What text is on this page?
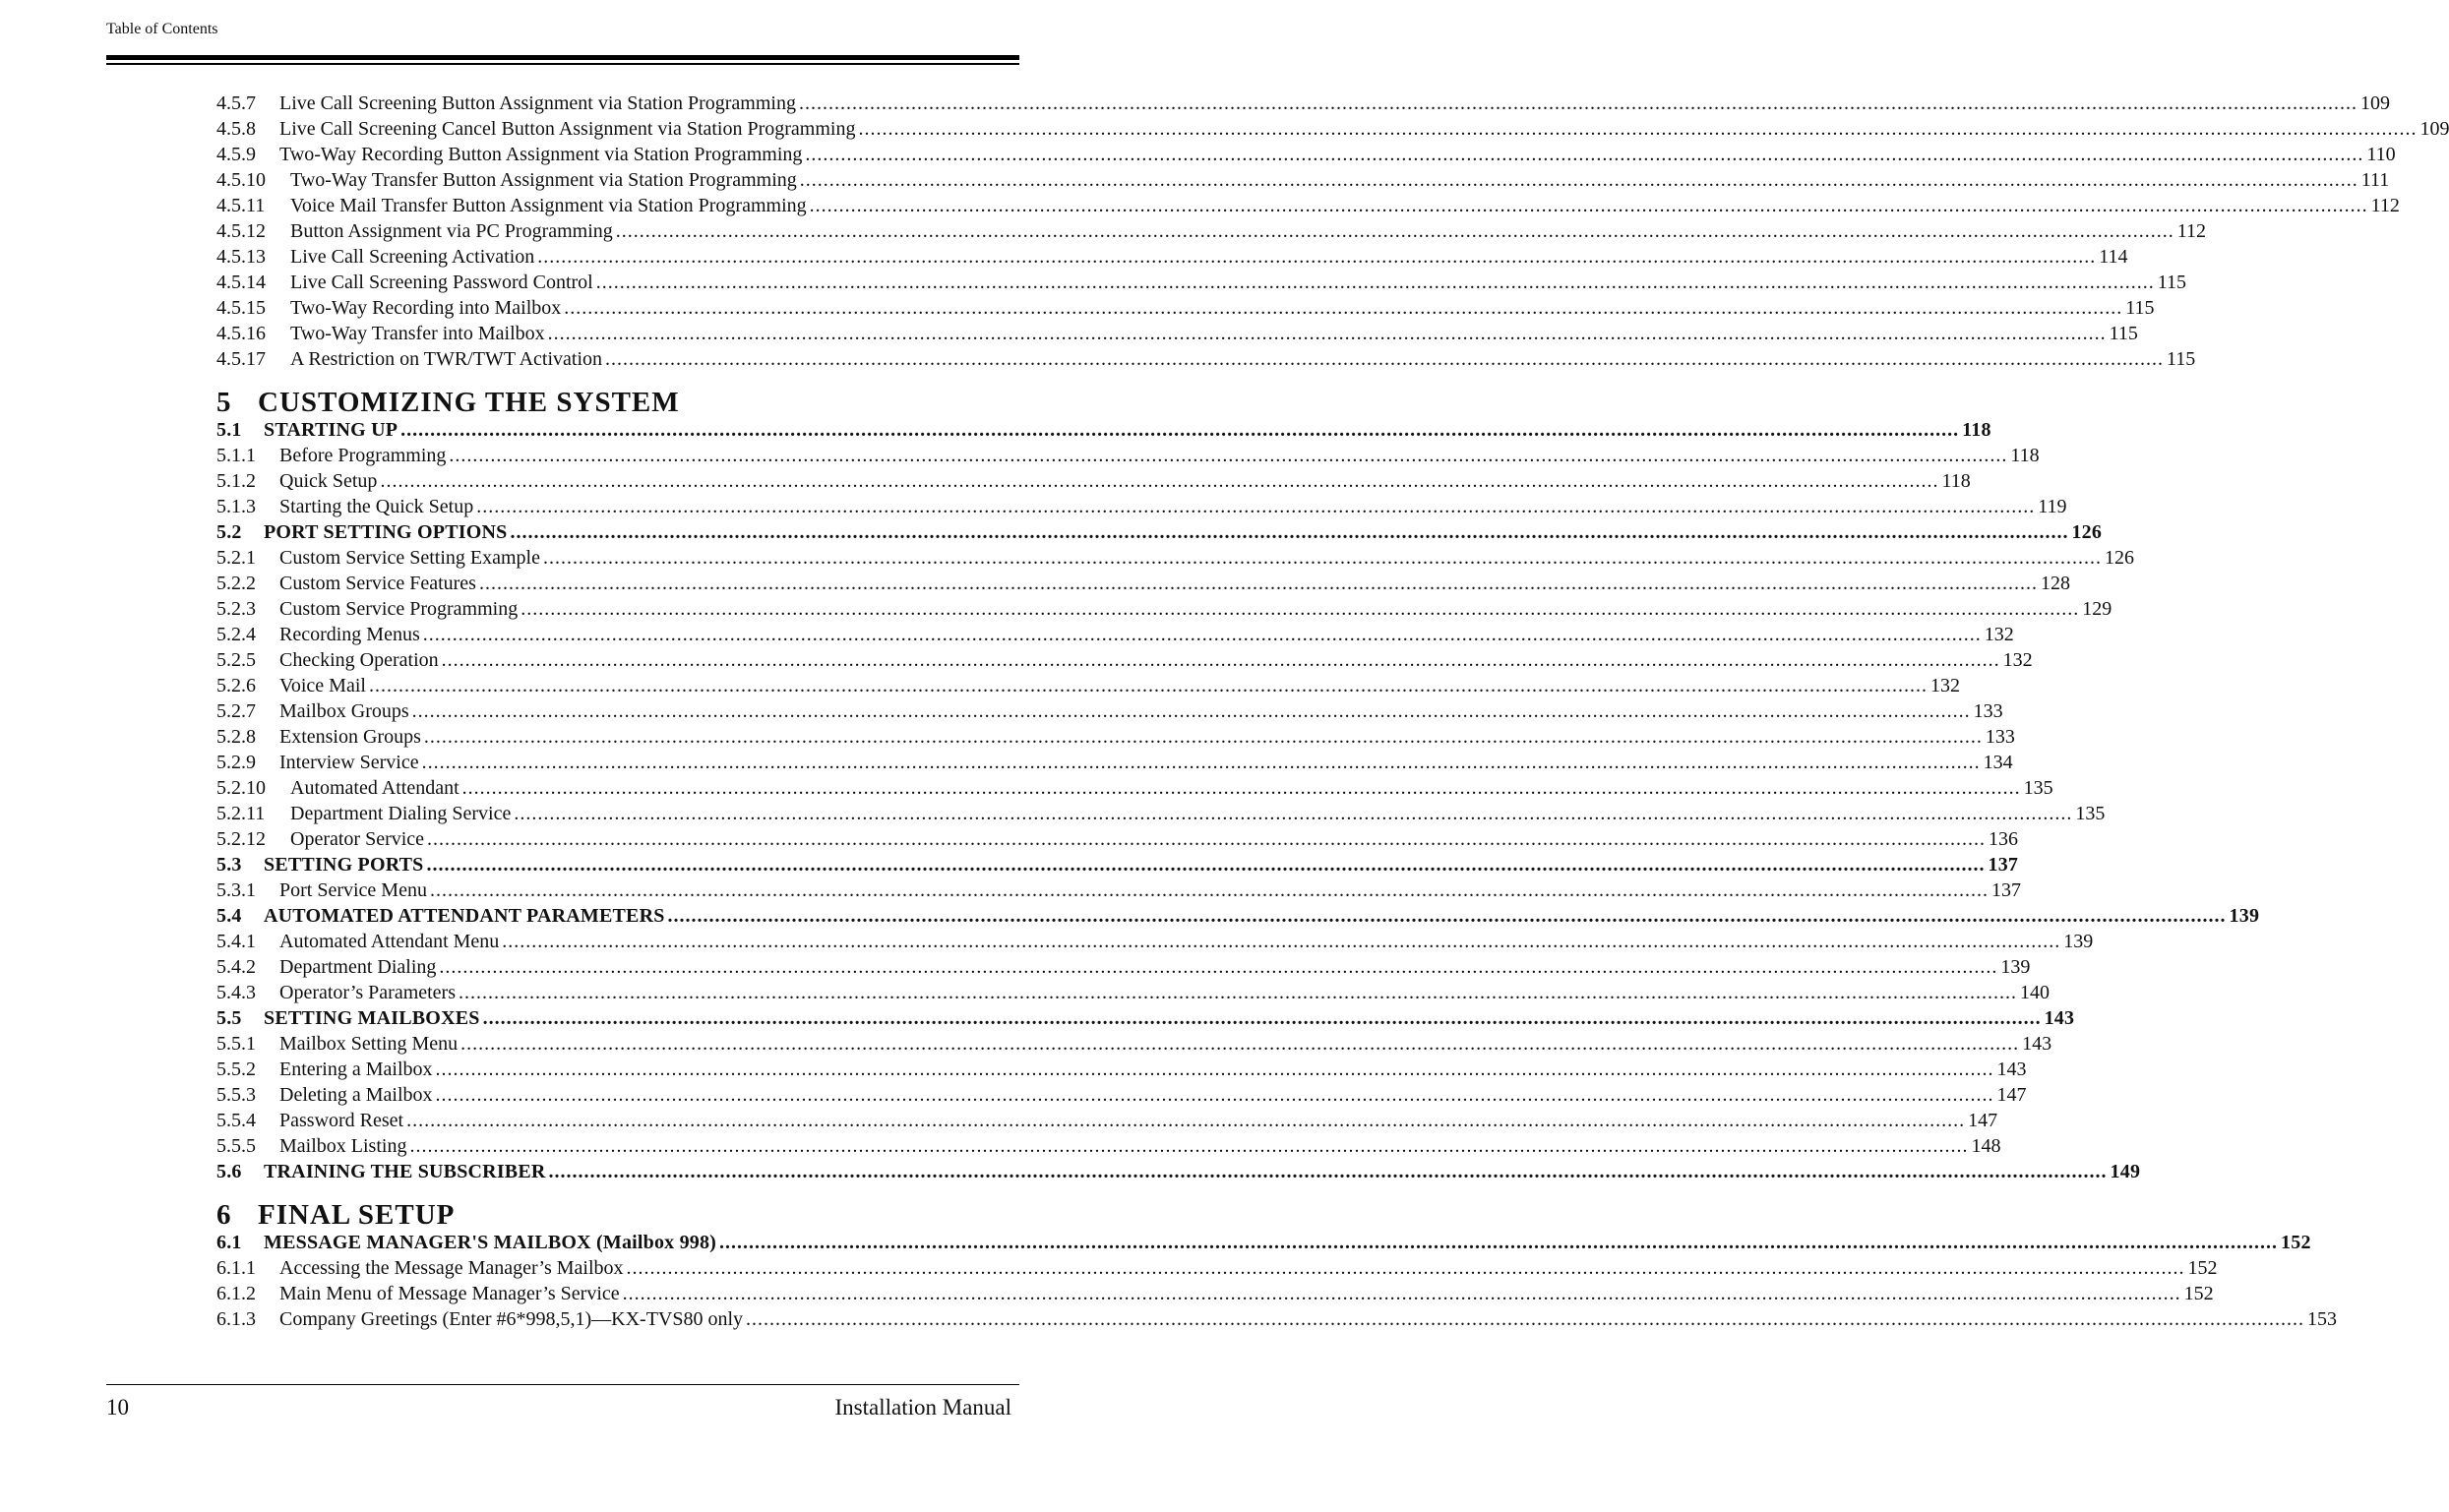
Table of Contents
4.5.7	Live Call Screening Button Assignment via Station Programming .....	109
4.5.8	Live Call Screening Cancel Button Assignment via Station Programming .....	109
4.5.9	Two-Way Recording Button Assignment via Station Programming .....	110
4.5.10	Two-Way Transfer Button Assignment via Station Programming .....	111
4.5.11	Voice Mail Transfer Button Assignment via Station Programming .....	112
4.5.12	Button Assignment via PC Programming .....	112
4.5.13	Live Call Screening Activation .....	114
4.5.14	Live Call Screening Password Control .....	115
4.5.15	Two-Way Recording into Mailbox .....	115
4.5.16	Two-Way Transfer into Mailbox .....	115
4.5.17	A Restriction on TWR/TWT Activation .....	115
5 CUSTOMIZING THE SYSTEM
5.1	STARTING UP .....	118
5.1.1	Before Programming .....	118
5.1.2	Quick Setup .....	118
5.1.3	Starting the Quick Setup .....	119
5.2	PORT SETTING OPTIONS .....	126
5.2.1	Custom Service Setting Example .....	126
5.2.2	Custom Service Features .....	128
5.2.3	Custom Service Programming .....	129
5.2.4	Recording Menus .....	132
5.2.5	Checking Operation .....	132
5.2.6	Voice Mail .....	132
5.2.7	Mailbox Groups .....	133
5.2.8	Extension Groups .....	133
5.2.9	Interview Service .....	134
5.2.10	Automated Attendant .....	135
5.2.11	Department Dialing Service .....	135
5.2.12	Operator Service .....	136
5.3	SETTING PORTS .....	137
5.3.1	Port Service Menu .....	137
5.4	AUTOMATED ATTENDANT PARAMETERS .....	139
5.4.1	Automated Attendant Menu .....	139
5.4.2	Department Dialing .....	139
5.4.3	Operator’s Parameters .....	140
5.5	SETTING MAILBOXES .....	143
5.5.1	Mailbox Setting Menu .....	143
5.5.2	Entering a Mailbox .....	143
5.5.3	Deleting a Mailbox .....	147
5.5.4	Password Reset .....	147
5.5.5	Mailbox Listing .....	148
5.6	TRAINING THE SUBSCRIBER .....	149
6 FINAL SETUP
6.1	MESSAGE MANAGER'S MAILBOX (Mailbox 998) .....	152
6.1.1	Accessing the Message Manager’s Mailbox .....	152
6.1.2	Main Menu of Message Manager’s Service .....	152
6.1.3	Company Greetings (Enter #6*998,5,1)—KX-TVS80 only .....	153
10	Installation Manual
